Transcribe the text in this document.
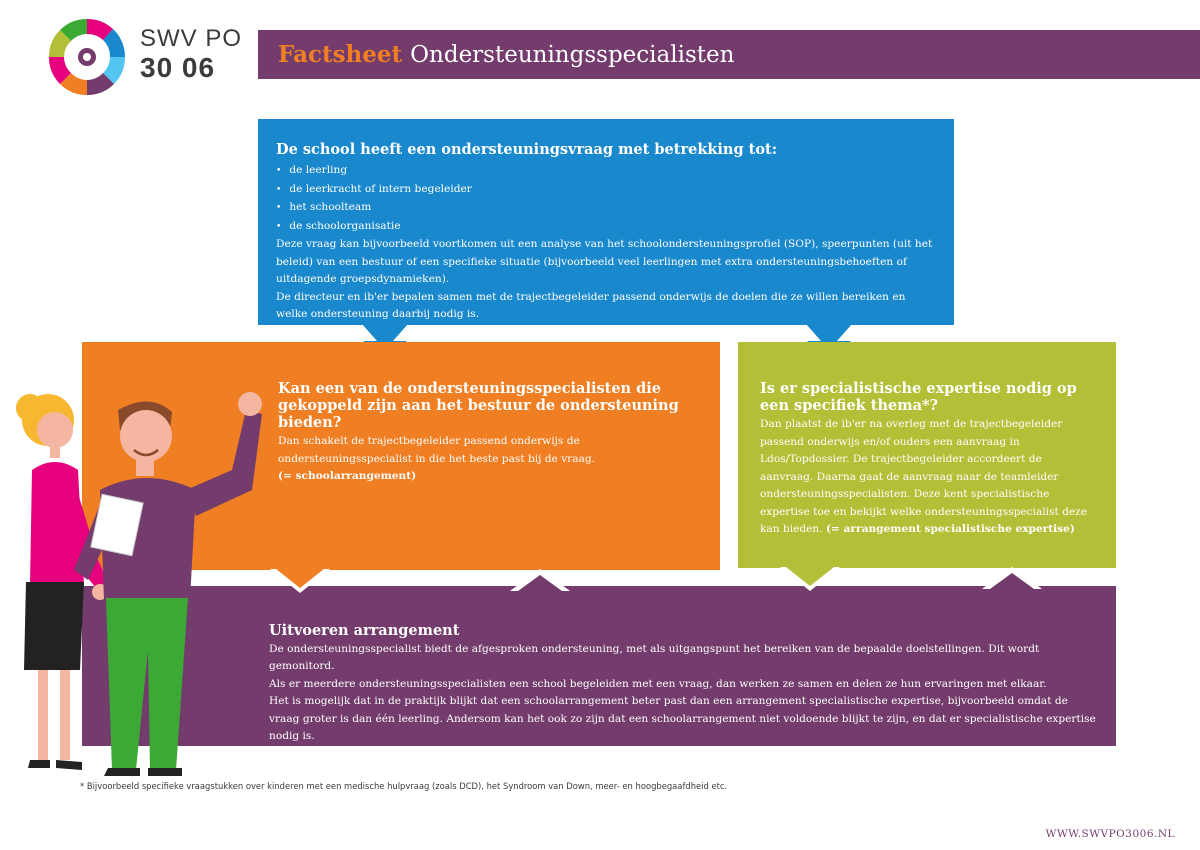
SWV PO
30 06	Factsheet Ondersteuningsspecialisten
De school heeft een ondersteuningsvraag met betrekking tot:
• de leerling
• de leerkracht of intern begeleider
• het schoolteam
• de schoolorganisatie

Deze vraag kan bijvoorbeeld voortkomen uit een analyse van het schoolondersteuningsprofiel (SOP), speerpunten (uit het beleid) van een bestuur of een specifieke situatie (bijvoorbeeld veel leerlingen met extra ondersteuningsbehoeften of uitdagende groepsdynamieken).

De directeur en ib'er bepalen samen met de trajectbegeleider passend onderwijs de doelen die ze willen bereiken en welke ondersteuning daarbij nodig is.

Kan een van de ondersteuningsspecialisten die gekoppeld zijn aan het bestuur de ondersteuning bieden?

Dan schakelt de trajectbegeleider passend onderwijs de ondersteuningsspecialist in die het beste past bij de vraag.
(= schoolarrangement)

Is er specialistische expertise nodig op een specifiek thema*?

Dan plaatst de ib'er na overleg met de trajectbegeleider passend onderwijs en/of ouders een aanvraag in Ldos/Topdossier. De trajectbegeleider accordeert de aanvraag. Daarna gaat de aanvraag naar de teamleider ondersteuningsspecialisten. Deze kent specialistische expertise toe en bekijkt welke ondersteuningsspecialist deze kan bieden. (= arrangement specialistische expertise)

Uitvoeren arrangement

De ondersteuningsspecialist biedt de afgesproken ondersteuning, met als uitgangspunt het bereiken van de bepaalde doelstellingen. Dit wordt gemonitord.

Als er meerdere ondersteuningsspecialisten een school begeleiden met een vraag, dan werken ze samen en delen ze hun ervaringen met elkaar.

Het is mogelijk dat in de praktijk blijkt dat een schoolarrangement beter past dan een arrangement specialistische expertise, bijvoorbeeld omdat de vraag groter is dan één leerling. Andersom kan het ook zo zijn dat een schoolarrangement niet voldoende blijkt te zijn, en dat er specialistische expertise nodig is.

Door de nauwe samenwerking tussen de trajectbegeleider passend onderwijs, ib'er en ondersteuningsspecialist kan hierover snel geschakeld worden.

* Bijvoorbeeld specifieke vraagstukken over kinderen met een medische hulpvraag (zoals DCD), het Syndroom van Down, meer- en hoogbegaafdheid etc.
WWW.SWVPO3006.NL
